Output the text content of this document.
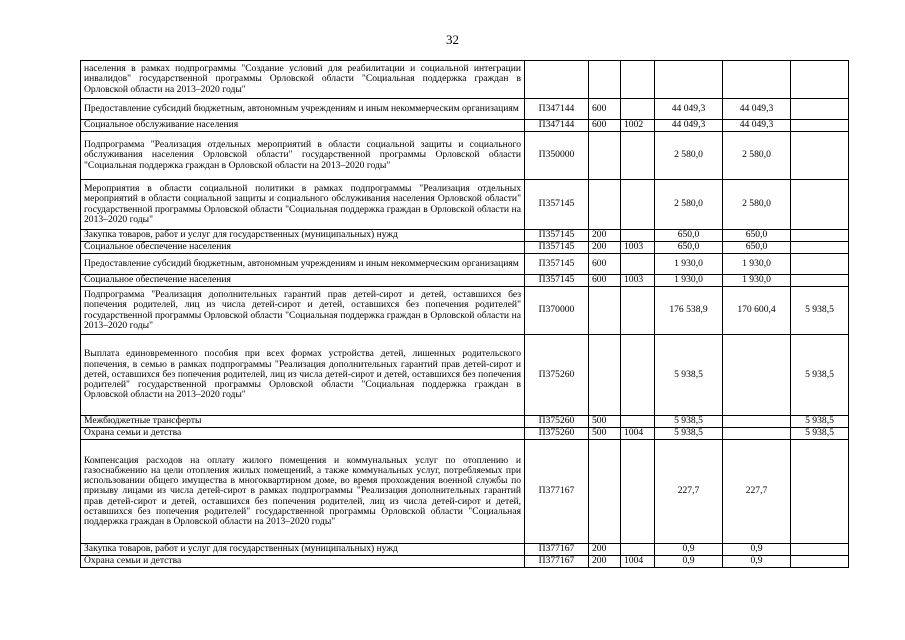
32
населения в рамках подпрограммы "Создание условий для реабилитации и социальной интеграции инвалидов" государственной программы Орловской области "Социальная поддержка граждан в Орловской области на 2013–2020 годы"						
Предоставление субсидий бюджетным, автономным учреждениям и иным некоммерческим организациям	П347144	600		44 049,3	44 049,3	
Социальное обслуживание населения	П347144	600	1002	44 049,3	44 049,3	
Подпрограмма "Реализация отдельных мероприятий в области социальной защиты и социального обслуживания населения Орловской области" государственной программы Орловской области "Социальная поддержка граждан в Орловской области на 2013–2020 годы"	П350000			2 580,0	2 580,0	
Мероприятия в области социальной политики в рамках подпрограммы "Реализация отдельных мероприятий в области социальной защиты и социального обслуживания населения Орловской области" государственной программы Орловской области "Социальная поддержка граждан в Орловской области на 2013–2020 годы"	П357145			2 580,0	2 580,0	
Закупка товаров, работ и услуг для государственных (муниципальных) нужд	П357145	200		650,0	650,0	
Социальное обеспечение населения	П357145	200	1003	650,0	650,0	
Предоставление субсидий бюджетным, автономным учреждениям и иным некоммерческим организациям	П357145	600		1 930,0	1 930,0	
Социальное обеспечение населения	П357145	600	1003	1 930,0	1 930,0	
Подпрограмма "Реализация дополнительных гарантий прав детей-сирот и детей, оставшихся без попечения родителей, лиц из числа детей-сирот и детей, оставшихся без попечения родителей" государственной программы Орловской области "Социальная поддержка граждан в Орловской области на 2013–2020 годы"	П370000			176 538,9	170 600,4	5 938,5
Выплата единовременного пособия при всех формах устройства детей, лишенных родительского попечения, в семью в рамках подпрограммы "Реализация дополнительных гарантий прав детей-сирот и детей, оставшихся без попечения родителей, лиц из числа детей-сирот и детей, оставшихся без попечения родителей" государственной программы Орловской области "Социальная поддержка граждан в Орловской области на 2013–2020 годы"	П375260			5 938,5		5 938,5
Межбюджетные трансферты	П375260	500		5 938,5		5 938,5
Охрана семьи и детства	П375260	500	1004	5 938,5		5 938,5
Компенсация расходов на оплату жилого помещения и коммунальных услуг по отоплению и газоснабжению на цели отопления жилых помещений, а также коммунальных услуг, потребляемых при использовании общего имущества в многоквартирном доме, во время прохождения военной службы по призыву лицами из числа детей-сирот в рамках подпрограммы "Реализация дополнительных гарантий прав детей-сирот и детей, оставшихся без попечения родителей, лиц из числа детей-сирот и детей, оставшихся без попечения родителей" государственной программы Орловской области "Социальная поддержка граждан в Орловской области на 2013–2020 годы"	П377167			227,7	227,7	
Закупка товаров, работ и услуг для государственных (муниципальных) нужд	П377167	200		0,9	0,9	
Охрана семьи и детства	П377167	200	1004	0,9	0,9	
